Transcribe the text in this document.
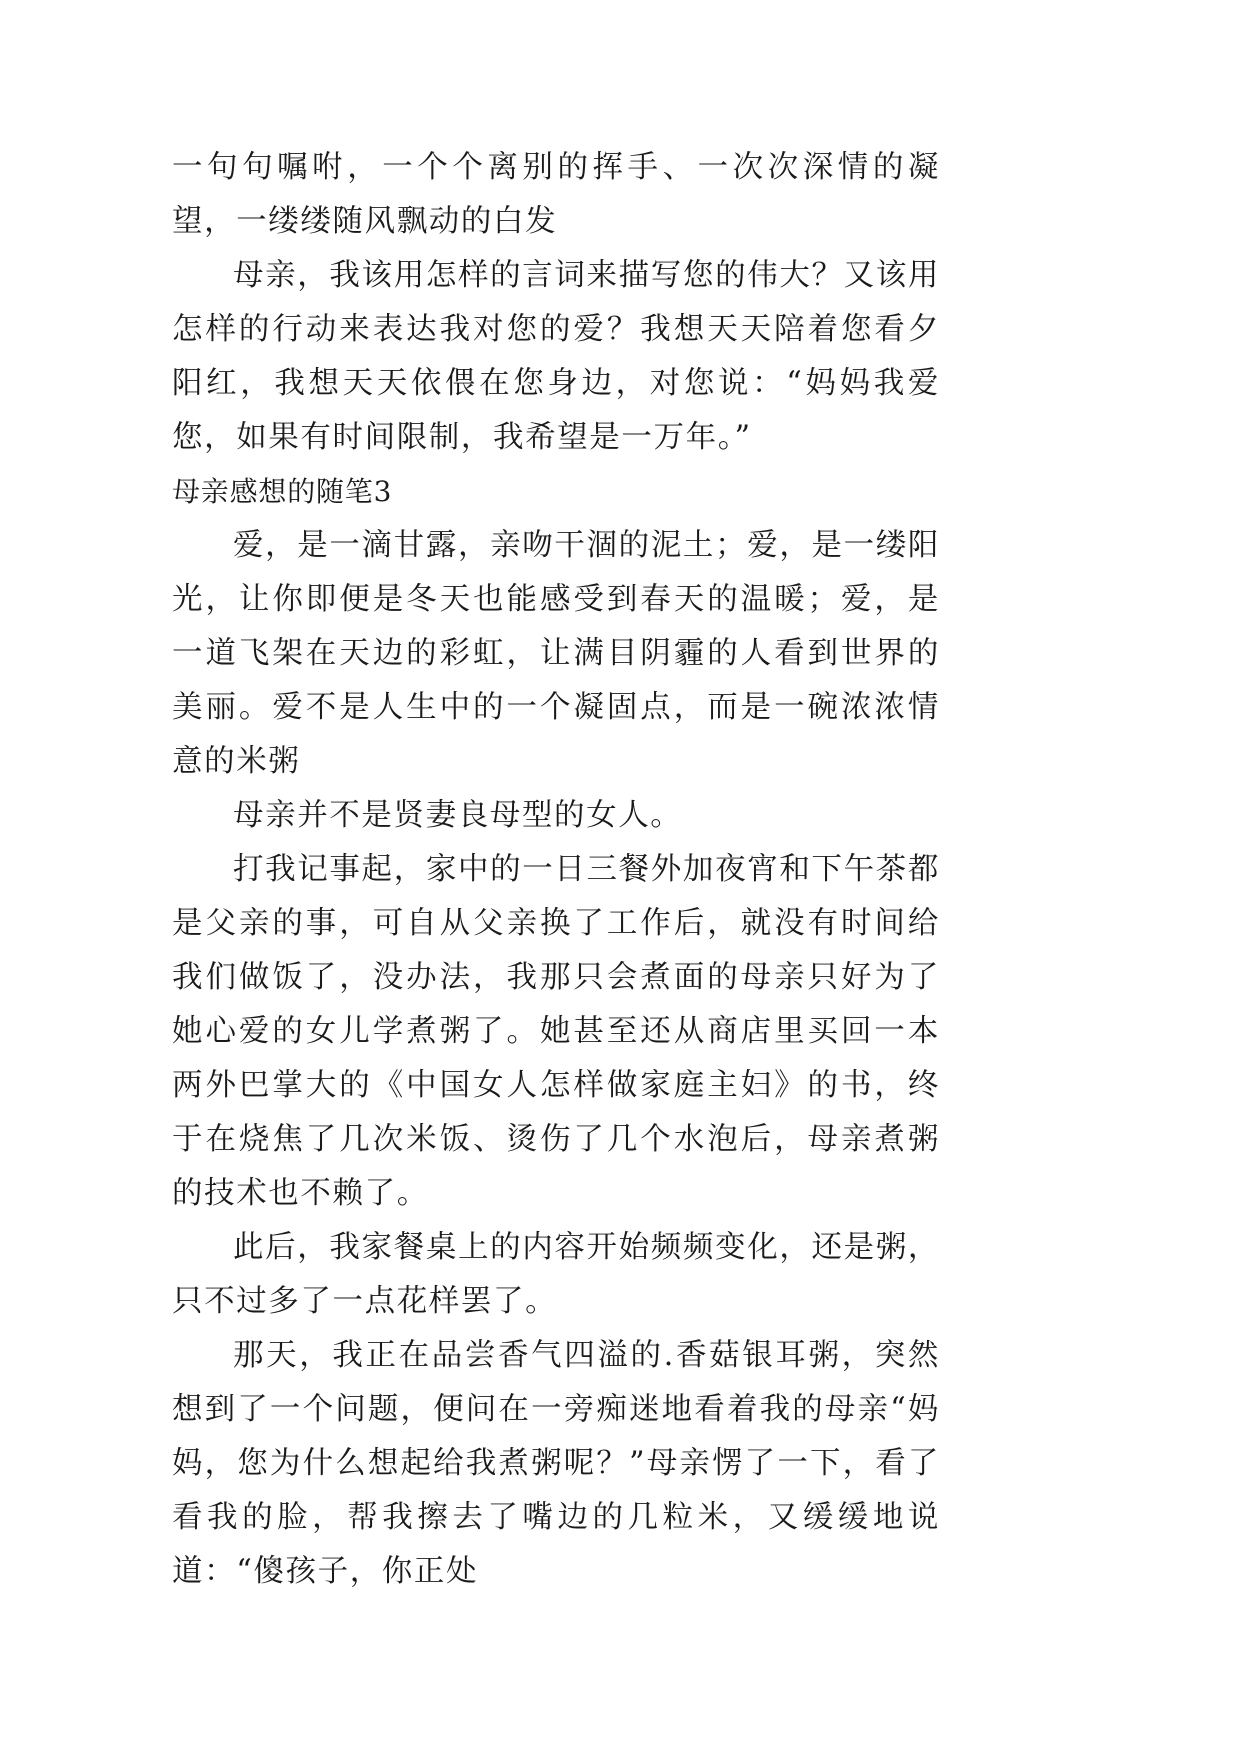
一句句嘱咐，一个个离别的挥手、一次次深情的凝望，一缕缕随风飘动的白发

母亲，我该用怎样的言词来描写您的伟大？又该用怎样的行动来表达我对您的爱？我想天天陪着您看夕阳红，我想天天依偎在您身边，对您说：“妈妈我爱您，如果有时间限制，我希望是一万年。”

母亲感想的随笔3

爱，是一滴甘露，亲吻干涸的泥土；爱，是一缕阳光，让你即便是冬天也能感受到春天的温暖；爱，是一道飞架在天边的彩虹，让满目阴霾的人看到世界的美丽。爱不是人生中的一个凝固点，而是一碗浓浓情意的米粥

母亲并不是贤妻良母型的女人。

打我记事起，家中的一日三餐外加夜宵和下午茶都是父亲的事，可自从父亲换了工作后，就没有时间给我们做饭了，没办法，我那只会煮面的母亲只好为了她心爱的女儿学煮粥了。她甚至还从商店里买回一本两外巴掌大的《中国女人怎样做家庭主妇》的书，终于在烧焦了几次米饭、烫伤了几个水泡后，母亲煮粥的技术也不赖了。

此后，我家餐桌上的内容开始频频变化，还是粥，只不过多了一点花样罢了。

那天，我正在品尝香气四溢的.香菇银耳粥，突然想到了一个问题，便问在一旁痴迷地看着我的母亲“妈妈，您为什么想起给我煮粥呢？”母亲愣了一下，看了看我的脸，帮我擦去了嘴边的几粒米，又缓缓地说道：“傻孩子，你正处
